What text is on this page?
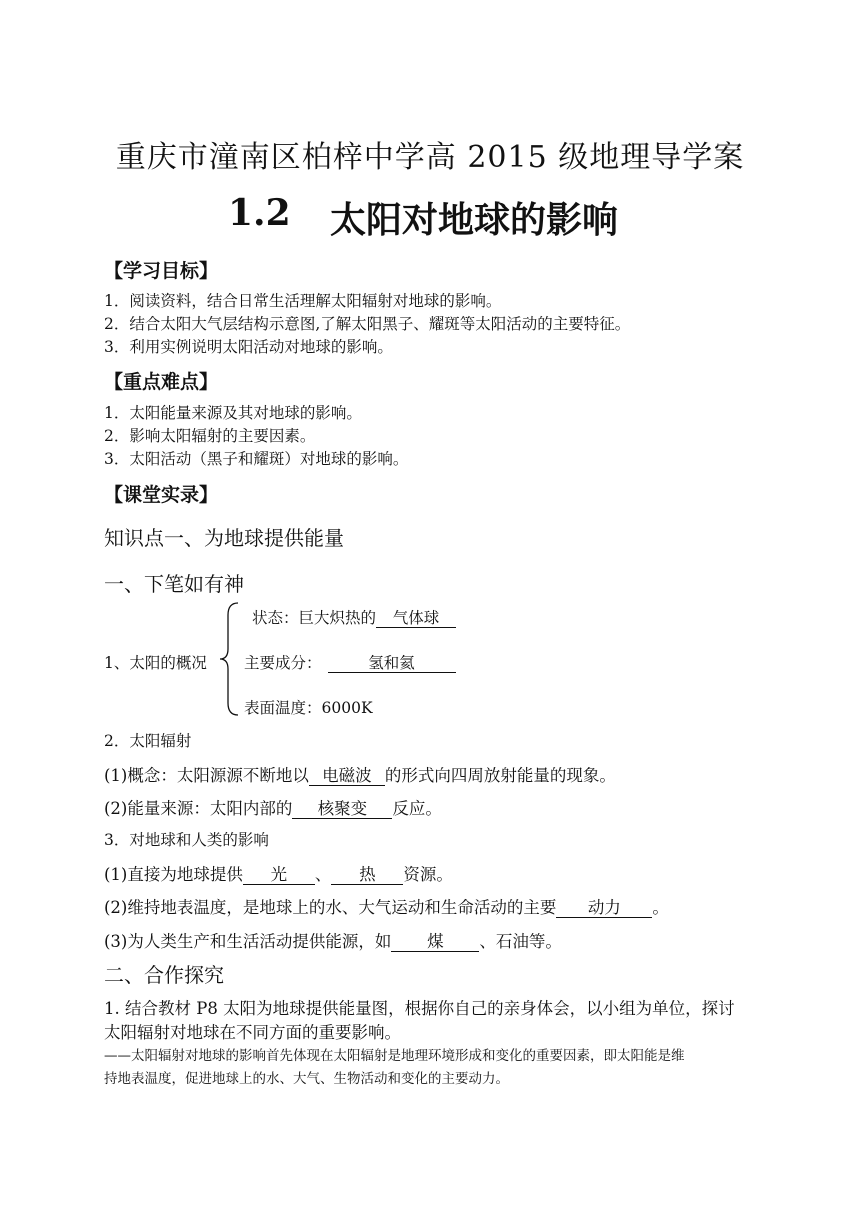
重庆市潼南区柏梓中学高 2015 级地理导学案
1.2 太阳对地球的影响
【学习目标】
1．阅读资料，结合日常生活理解太阳辐射对地球的影响。
2．结合太阳大气层结构示意图,了解太阳黑子、耀斑等太阳活动的主要特征。
3．利用实例说明太阳活动对地球的影响。
【重点难点】
1．太阳能量来源及其对地球的影响。
2．影响太阳辐射的主要因素。
3．太阳活动（黑子和耀斑）对地球的影响。
【课堂实录】
知识点一、为地球提供能量
一、下笔如有神
1、太阳的概况
状态：巨大炽热的 气体球
主要成分：	氢和氦
表面温度：6000K
2．太阳辐射
(1)概念：太阳源源不断地以 电磁波 的形式向四周放射能量的现象。
(2)能量来源：太阳内部的 核聚变 反应。
3．对地球和人类的影响
(1)直接为地球提供 光 、 热 资源。
(2)维持地表温度，是地球上的水、大气运动和生命活动的主要 动力 。
(3)为人类生产和生活活动提供能源，如 煤 、石油等。
二、合作探究
1. 结合教材 P8 太阳为地球提供能量图，根据你自己的亲身体会，以小组为单位，探讨
太阳辐射对地球在不同方面的重要影响。
——太阳辐射对地球的影响首先体现在太阳辐射是地理环境形成和变化的重要因素，即太阳能是维
持地表温度，促进地球上的水、大气、生物活动和变化的主要动力。
